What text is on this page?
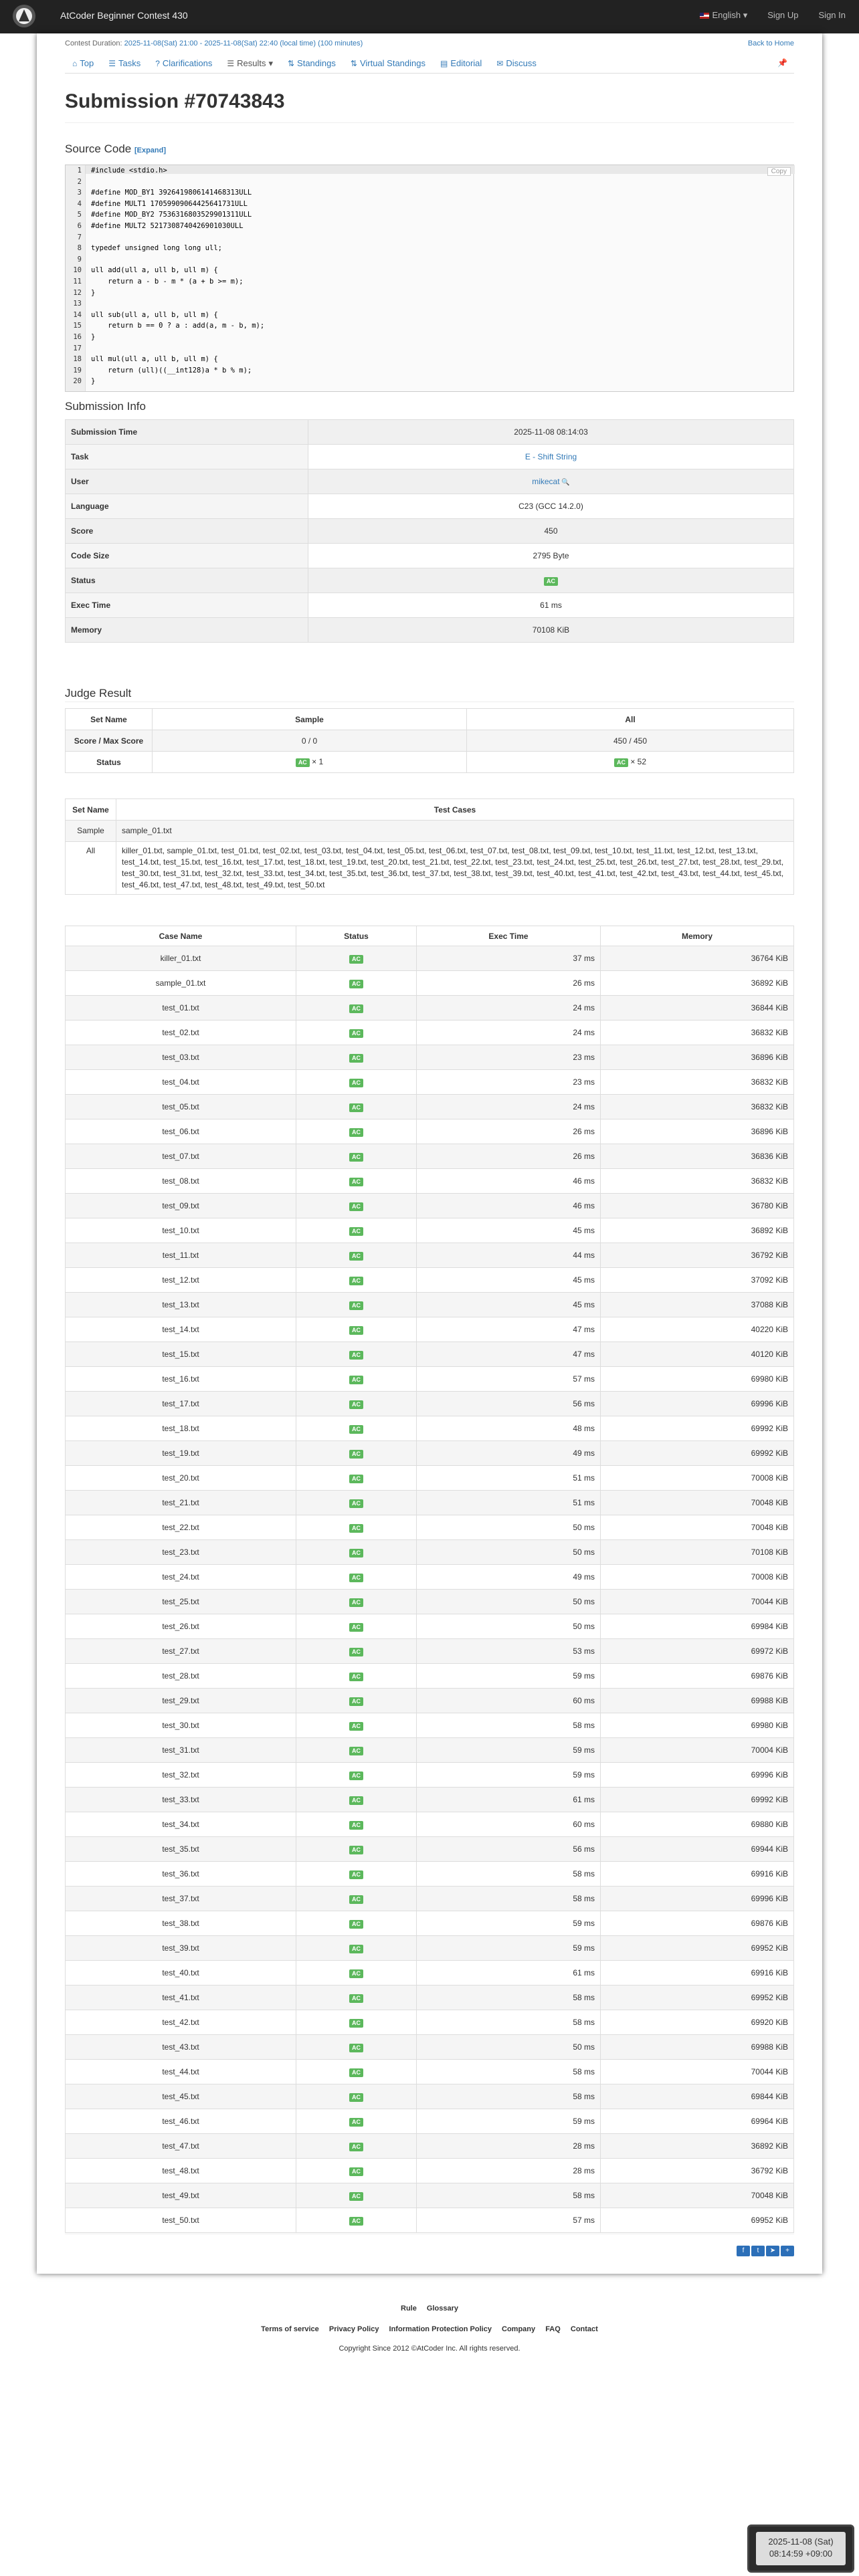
AtCoder Beginner Contest 430	English ▾ Sign Up Sign In
Contest Duration: 2025-11-08(Sat) 21:00 - 2025-11-08(Sat) 22:40 (local time) (100 minutes)	Back to Home
⌂ Top ☰ Tasks ? Clarifications ☰ Results ▾	⇅ Standings ⇅ Virtual Standings ▤ Editorial ✉ Discuss	📌
Submission #70743843
Source Code [Expand]
1 #include <stdio.h>
2
3 #define MOD_BY1 3926419806141468313ULL
4 #define MULT1 17059909064425641731ULL
5 #define MOD_BY2 7536316803529901311ULL
6 #define MULT2 5217308740426901030ULL
7
8 typedef unsigned long long ull;
9
10 ull add(ull a, ull b, ull m) {
11 return a - b - m * (a + b >= m);
12 }
13
14 ull sub(ull a, ull b, ull m) {
15 return b == 0 ? a : add(a, m - b, m);
16 }
17
18 ull mul(ull a, ull b, ull m) {
19 return (ull)((__int128)a * b % m);
20 }
Copy
Submission Info
Submission Time	2025-11-08 08:14:03
Task	E - Shift String
User	mikecat 🔍
Language	C23 (GCC 14.2.0)
Score	450
Code Size	2795 Byte
Status	AC
Exec Time	61 ms
Memory	70108 KiB
Judge Result
Set Name	Sample	All
Score / Max Score	0 / 0	450 / 450
Status	AC × 1	AC × 52
Set Name	Test Cases
Sample	sample_01.txt
All	killer_01.txt, sample_01.txt, test_01.txt, test_02.txt, test_03.txt, test_04.txt, test_05.txt, test_06.txt, test_07.txt, test_08.txt, test_09.txt, test_10.txt, test_11.txt, test_12.txt, test_13.txt, test_14.txt, test_15.txt, test_16.txt, test_17.txt, test_18.txt, test_19.txt, test_20.txt, test_21.txt, test_22.txt, test_23.txt, test_24.txt, test_25.txt, test_26.txt, test_27.txt, test_28.txt, test_29.txt, test_30.txt, test_31.txt, test_32.txt, test_33.txt, test_34.txt, test_35.txt, test_36.txt, test_37.txt, test_38.txt, test_39.txt, test_40.txt, test_41.txt, test_42.txt, test_43.txt, test_44.txt, test_45.txt, test_46.txt, test_47.txt, test_48.txt, test_49.txt, test_50.txt
Case Name	Status	Exec Time	Memory
killer_01.txt	AC	37 ms	36764 KiB
sample_01.txt	AC	26 ms	36892 KiB
test_01.txt	AC	24 ms	36844 KiB
test_02.txt	AC	24 ms	36832 KiB
test_03.txt	AC	23 ms	36896 KiB
test_04.txt	AC	23 ms	36832 KiB
test_05.txt	AC	24 ms	36832 KiB
test_06.txt	AC	26 ms	36896 KiB
test_07.txt	AC	26 ms	36836 KiB
test_08.txt	AC	46 ms	36832 KiB
test_09.txt	AC	46 ms	36780 KiB
test_10.txt	AC	45 ms	36892 KiB
test_11.txt	AC	44 ms	36792 KiB
test_12.txt	AC	45 ms	37092 KiB
test_13.txt	AC	45 ms	37088 KiB
test_14.txt	AC	47 ms	40220 KiB
test_15.txt	AC	47 ms	40120 KiB
test_16.txt	AC	57 ms	69980 KiB
test_17.txt	AC	56 ms	69996 KiB
test_18.txt	AC	48 ms	69992 KiB
test_19.txt	AC	49 ms	69992 KiB
test_20.txt	AC	51 ms	70008 KiB
test_21.txt	AC	51 ms	70048 KiB
test_22.txt	AC	50 ms	70048 KiB
test_23.txt	AC	50 ms	70108 KiB
test_24.txt	AC	49 ms	70008 KiB
test_25.txt	AC	50 ms	70044 KiB
test_26.txt	AC	50 ms	69984 KiB
test_27.txt	AC	53 ms	69972 KiB
test_28.txt	AC	59 ms	69876 KiB
test_29.txt	AC	60 ms	69988 KiB
test_30.txt	AC	58 ms	69980 KiB
test_31.txt	AC	59 ms	70004 KiB
test_32.txt	AC	59 ms	69996 KiB
test_33.txt	AC	61 ms	69992 KiB
test_34.txt	AC	60 ms	69880 KiB
test_35.txt	AC	56 ms	69944 KiB
test_36.txt	AC	58 ms	69916 KiB
test_37.txt	AC	58 ms	69996 KiB
test_38.txt	AC	59 ms	69876 KiB
test_39.txt	AC	59 ms	69952 KiB
test_40.txt	AC	61 ms	69916 KiB
test_41.txt	AC	58 ms	69952 KiB
test_42.txt	AC	58 ms	69920 KiB
test_43.txt	AC	50 ms	69988 KiB
test_44.txt	AC	58 ms	70044 KiB
test_45.txt	AC	58 ms	69844 KiB
test_46.txt	AC	59 ms	69964 KiB
test_47.txt	AC	28 ms	36892 KiB
test_48.txt	AC	28 ms	36792 KiB
test_49.txt	AC	58 ms	70048 KiB
test_50.txt	AC	57 ms	69952 KiB
f	t	➤	+
Rule Glossary
Terms of service Privacy Policy Information Protection Policy Company FAQ Contact
Copyright Since 2012 ©AtCoder Inc. All rights reserved.
2025-11-08 (Sat)
08:14:59 +09:00
